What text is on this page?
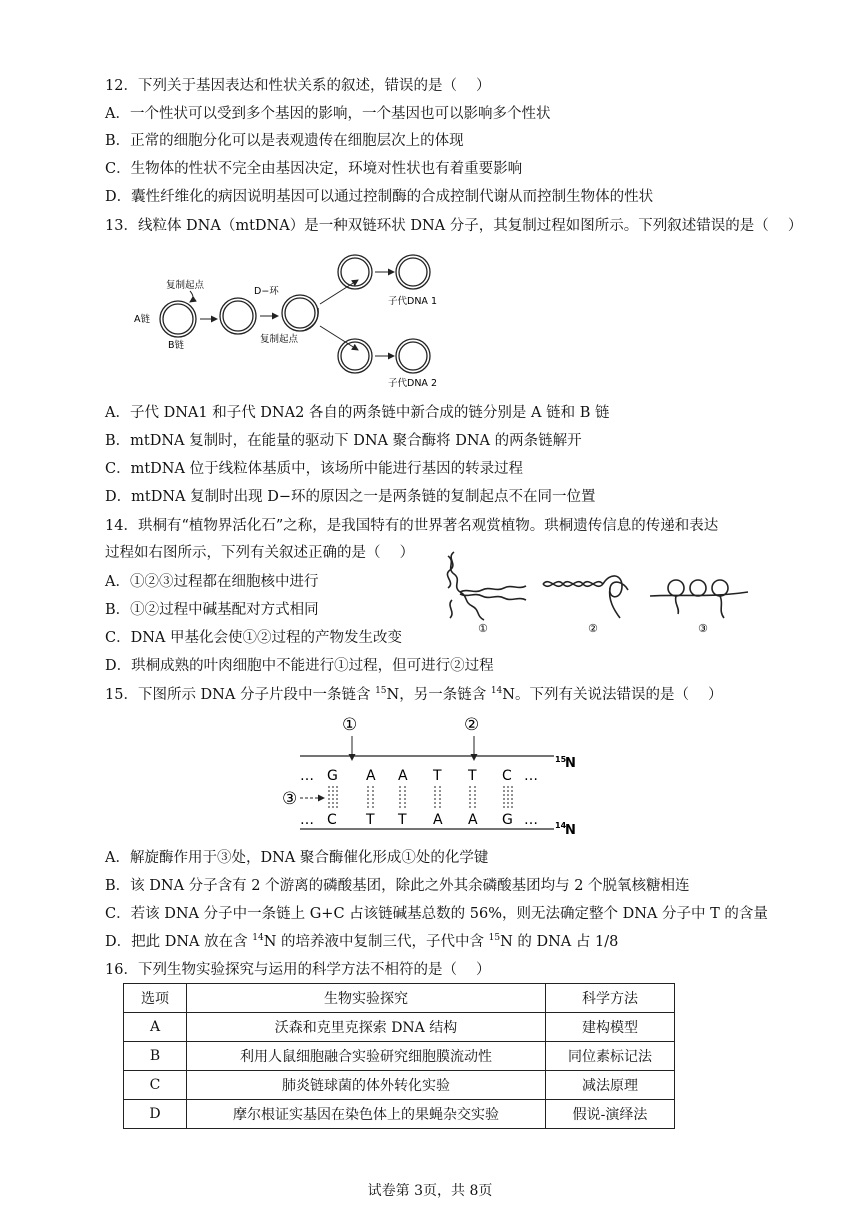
12．下列关于基因表达和性状关系的叙述，错误的是（　 ）
A．一个性状可以受到多个基因的影响，一个基因也可以影响多个性状
B．正常的细胞分化可以是表观遗传在细胞层次上的体现
C．生物体的性状不完全由基因决定，环境对性状也有着重要影响
D．囊性纤维化的病因说明基因可以通过控制酶的合成控制代谢从而控制生物体的性状
13．线粒体 DNA（mtDNA）是一种双链环状 DNA 分子，其复制过程如图所示。下列叙述错误的是（　 ）
复制起点
A链
B链
D−环
复制起点
子代DNA 1
子代DNA 2
A．子代 DNA1 和子代 DNA2 各自的两条链中新合成的链分别是 A 链和 B 链
B．mtDNA 复制时，在能量的驱动下 DNA 聚合酶将 DNA 的两条链解开
C．mtDNA 位于线粒体基质中，该场所中能进行基因的转录过程
D．mtDNA 复制时出现 D−环的原因之一是两条链的复制起点不在同一位置
14．珙桐有“植物界活化石”之称，是我国特有的世界著名观赏植物。珙桐遗传信息的传递和表达
过程如右图所示，下列有关叙述正确的是（　 ）
A．①②③过程都在细胞核中进行
B．①②过程中碱基配对方式相同
C．DNA 甲基化会使①②过程的产物发生改变
D．珙桐成熟的叶肉细胞中不能进行①过程，但可进行②过程
①	②	③
15．下图所示 DNA 分子片段中一条链含 $^{15}$N，另一条链含 $^{14}$N。下列有关说法错误的是（　 ）
①	②
15
N
… G A A T T C …
③
… C T T A A G … 14
N
A．解旋酶作用于③处，DNA 聚合酶催化形成①处的化学键
B．该 DNA 分子含有 2 个游离的磷酸基团，除此之外其余磷酸基团均与 2 个脱氧核糖相连
C．若该 DNA 分子中一条链上 G+C 占该链碱基总数的 56%，则无法确定整个 DNA 分子中 T 的含量
D．把此 DNA 放在含 $^{14}$N 的培养液中复制三代，子代中含 $^{15}$N 的 DNA 占 1/8
16．下列生物实验探究与运用的科学方法不相符的是（　 ）
选项	生物实验探究	科学方法
A	沃森和克里克探索 DNA 结构	建构模型
B	利用人鼠细胞融合实验研究细胞膜流动性	同位素标记法
C	肺炎链球菌的体外转化实验	减法原理
D	摩尔根证实基因在染色体上的果蝇杂交实验	假说-演绎法
试卷第 3页，共 8页
